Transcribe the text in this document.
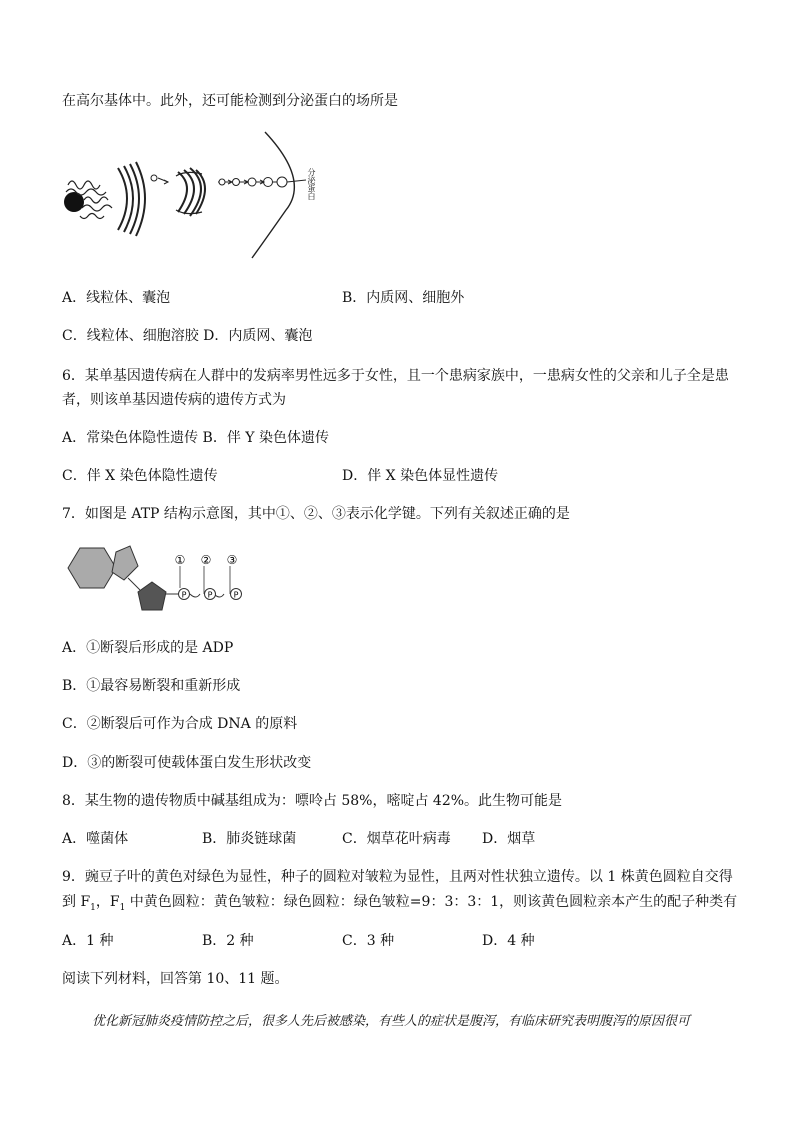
在高尔基体中。此外，还可能检测到分泌蛋白的场所是
分泌蛋白
A．线粒体、囊泡	B．内质网、细胞外
C．线粒体、细胞溶胶 D．内质网、囊泡
6．某单基因遗传病在人群中的发病率男性远多于女性，且一个患病家族中，一患病女性的父亲和儿子全是患者，则该单基因遗传病的遗传方式为
A．常染色体隐性遗传 B．伴 Y 染色体遗传
C．伴 X 染色体隐性遗传	D．伴 X 染色体显性遗传
7．如图是 ATP 结构示意图，其中①、②、③表示化学键。下列有关叙述正确的是
P	P	P
① ② ③
A．①断裂后形成的是 ADP
B．①最容易断裂和重新形成
C．②断裂后可作为合成 DNA 的原料
D．③的断裂可使载体蛋白发生形状改变
8．某生物的遗传物质中碱基组成为：嘌呤占 58%，嘧啶占 42%。此生物可能是
A．噬菌体	B．肺炎链球菌	C．烟草花叶病毒 D．烟草
9．豌豆子叶的黄色对绿色为显性，种子的圆粒对皱粒为显性，且两对性状独立遗传。以 1 株黄色圆粒自交得
到 $F_1$，$F_1$ 中黄色圆粒：黄色皱粒：绿色圆粒：绿色皱粒=9：3：3：1，则该黄色圆粒亲本产生的配子种类有
A．1 种	B．2 种	C．3 种	D．4 种
阅读下列材料，回答第 10、11 题。
优化新冠肺炎疫情防控之后，很多人先后被感染，有些人的症状是腹泻，有临床研究表明腹泻的原因很可
